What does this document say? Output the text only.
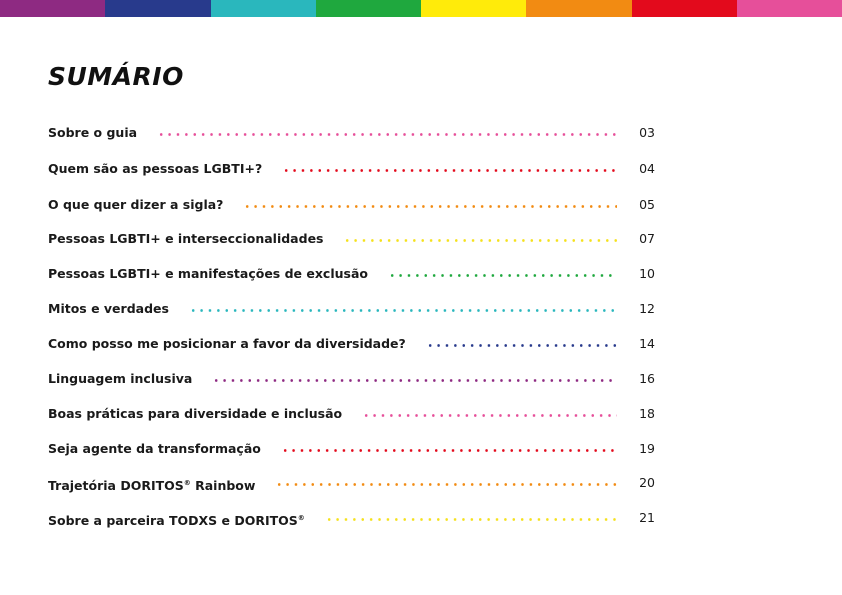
SUMÁRIO
Sobre o guia	03
Quem são as pessoas LGBTI+?	04
O que quer dizer a sigla?	05
Pessoas LGBTI+ e interseccionalidades	07
Pessoas LGBTI+ e manifestações de exclusão	10
Mitos e verdades	12
Como posso me posicionar a favor da diversidade?	14
Linguagem inclusiva	16
Boas práticas para diversidade e inclusão	18
Seja agente da transformação	19
Trajetória DORITOS® Rainbow	20
Sobre a parceira TODXS e DORITOS®	21
